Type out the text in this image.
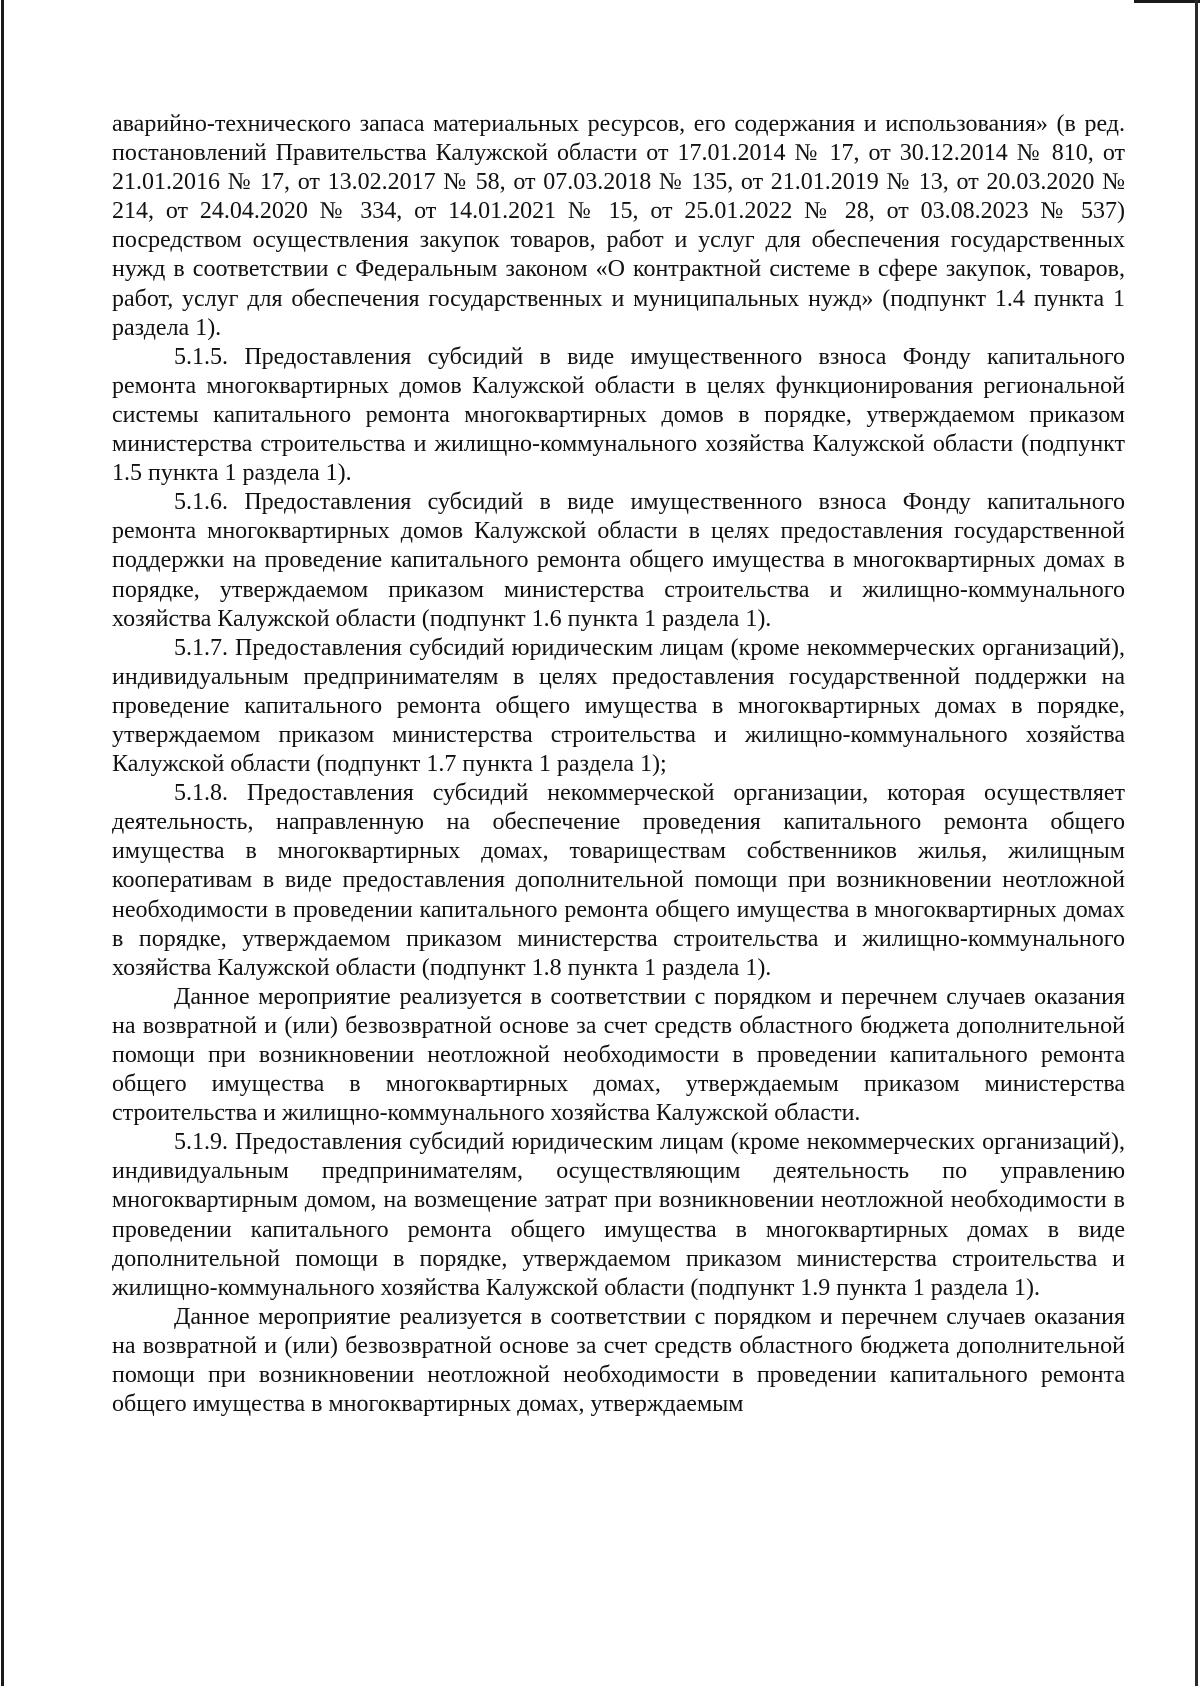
аварийно-технического запаса материальных ресурсов, его содержания и использования» (в ред. постановлений Правительства Калужской области от 17.01.2014 № 17, от 30.12.2014 № 810, от 21.01.2016 № 17, от 13.02.2017 № 58, от 07.03.2018 № 135, от 21.01.2019 № 13, от 20.03.2020 № 214, от 24.04.2020 № 334, от 14.01.2021 № 15, от 25.01.2022 № 28, от 03.08.2023 № 537) посредством осуществления закупок товаров, работ и услуг для обеспечения государственных нужд в соответствии с Федеральным законом «О контрактной системе в сфере закупок, товаров, работ, услуг для обеспечения государственных и муниципальных нужд» (подпункт 1.4 пункта 1 раздела 1).

5.1.5. Предоставления субсидий в виде имущественного взноса Фонду капитального ремонта многоквартирных домов Калужской области в целях функционирования региональной системы капитального ремонта многоквартирных домов в порядке, утверждаемом приказом министерства строительства и жилищно-коммунального хозяйства Калужской области (подпункт 1.5 пункта 1 раздела 1).

5.1.6. Предоставления субсидий в виде имущественного взноса Фонду капитального ремонта многоквартирных домов Калужской области в целях предоставления государственной поддержки на проведение капитального ремонта общего имущества в многоквартирных домах в порядке, утверждаемом приказом министерства строительства и жилищно-коммунального хозяйства Калужской области (подпункт 1.6 пункта 1 раздела 1).

5.1.7. Предоставления субсидий юридическим лицам (кроме некоммерческих организаций), индивидуальным предпринимателям в целях предоставления государственной поддержки на проведение капитального ремонта общего имущества в многоквартирных домах в порядке, утверждаемом приказом министерства строительства и жилищно-коммунального хозяйства Калужской области (подпункт 1.7 пункта 1 раздела 1);

5.1.8. Предоставления субсидий некоммерческой организации, которая осуществляет деятельность, направленную на обеспечение проведения капитального ремонта общего имущества в многоквартирных домах, товариществам собственников жилья, жилищным кооперативам в виде предоставления дополнительной помощи при возникновении неотложной необходимости в проведении капитального ремонта общего имущества в многоквартирных домах в порядке, утверждаемом приказом министерства строительства и жилищно-коммунального хозяйства Калужской области (подпункт 1.8 пункта 1 раздела 1).

Данное мероприятие реализуется в соответствии с порядком и перечнем случаев оказания на возвратной и (или) безвозвратной основе за счет средств областного бюджета дополнительной помощи при возникновении неотложной необходимости в проведении капитального ремонта общего имущества в многоквартирных домах, утверждаемым приказом министерства строительства и жилищно-коммунального хозяйства Калужской области.

5.1.9. Предоставления субсидий юридическим лицам (кроме некоммерческих организаций), индивидуальным предпринимателям, осуществляющим деятельность по управлению многоквартирным домом, на возмещение затрат при возникновении неотложной необходимости в проведении капитального ремонта общего имущества в многоквартирных домах в виде дополнительной помощи в порядке, утверждаемом приказом министерства строительства и жилищно-коммунального хозяйства Калужской области (подпункт 1.9 пункта 1 раздела 1).

Данное мероприятие реализуется в соответствии с порядком и перечнем случаев оказания на возвратной и (или) безвозвратной основе за счет средств областного бюджета дополнительной помощи при возникновении неотложной необходимости в проведении капитального ремонта общего имущества в многоквартирных домах, утверждаемым
